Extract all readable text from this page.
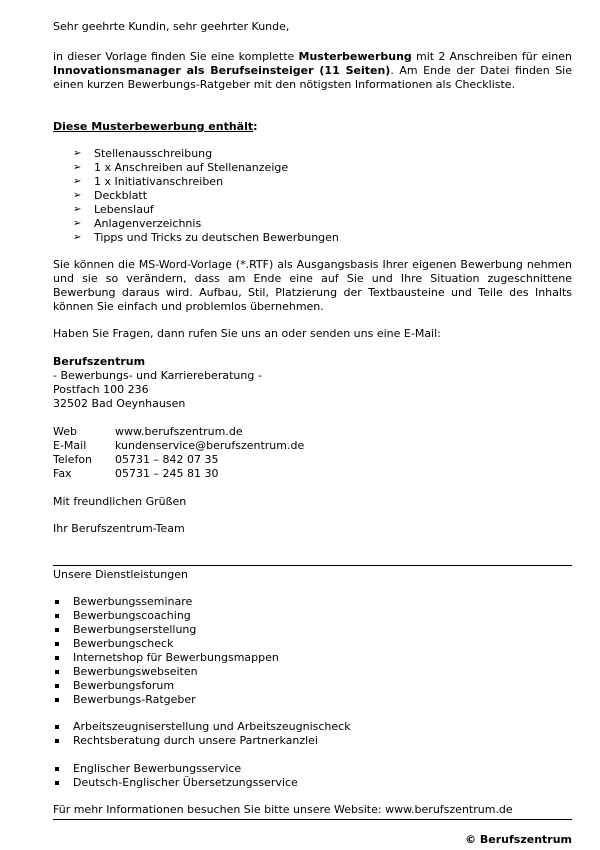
Sehr geehrte Kundin, sehr geehrter Kunde,

in dieser Vorlage finden Sie eine komplette Musterbewerbung mit 2 Anschreiben für einen Innovationsmanager als Berufseinsteiger (11 Seiten). Am Ende der Datei finden Sie einen kurzen Bewerbungs-Ratgeber mit den nötigsten Informationen als Checkliste.

Diese Musterbewerbung enthält:

➢ Stellenausschreibung
➢ 1 x Anschreiben auf Stellenanzeige
➢ 1 x Initiativanschreiben
➢ Deckblatt
➢ Lebenslauf
➢ Anlagenverzeichnis
➢ Tipps und Tricks zu deutschen Bewerbungen

Sie können die MS-Word-Vorlage (*.RTF) als Ausgangsbasis Ihrer eigenen Bewerbung nehmen und sie so verändern, dass am Ende eine auf Sie und Ihre Situation zugeschnittene Bewerbung daraus wird. Aufbau, Stil, Platzierung der Textbausteine und Teile des Inhalts können Sie einfach und problemlos übernehmen.

Haben Sie Fragen, dann rufen Sie uns an oder senden uns eine E-Mail:

Berufszentrum

- Bewerbungs- und Karriereberatung -

Postfach 100 236

32502 Bad Oeynhausen

Web	www.berufszentrum.de
E-Mail	kundenservice@berufszentrum.de
Telefon	05731 – 842 07 35
Fax	05731 – 245 81 30

Mit freundlichen Grüßen

Ihr Berufszentrum-Team

Unsere Dienstleistungen

Bewerbungsseminare
Bewerbungscoaching
Bewerbungserstellung
Bewerbungscheck
Internetshop für Bewerbungsmappen
Bewerbungswebseiten
Bewerbungsforum
Bewerbungs-Ratgeber
Arbeitszeugniserstellung und Arbeitszeugnischeck
Rechtsberatung durch unsere Partnerkanzlei
Englischer Bewerbungsservice
Deutsch-Englischer Übersetzungsservice

Für mehr Informationen besuchen Sie bitte unsere Website: www.berufszentrum.de

© Berufszentrum
